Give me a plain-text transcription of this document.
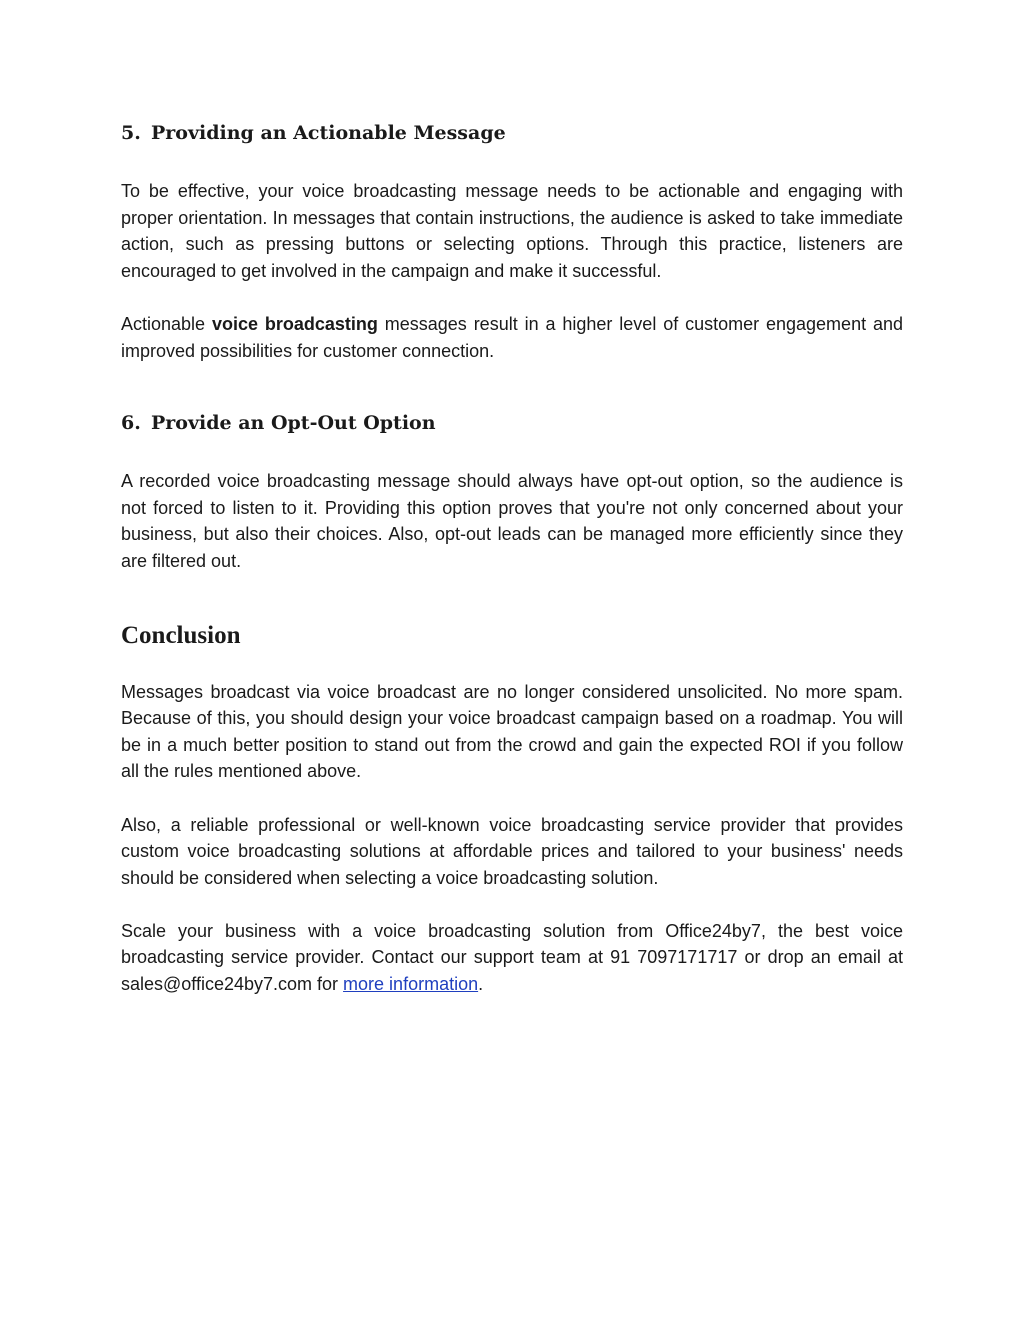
5. Providing an Actionable Message

To be effective, your voice broadcasting message needs to be actionable and engaging with proper orientation. In messages that contain instructions, the audience is asked to take immediate action, such as pressing buttons or selecting options. Through this practice, listeners are encouraged to get involved in the campaign and make it successful.

Actionable voice broadcasting messages result in a higher level of customer engagement and improved possibilities for customer connection.

6. Provide an Opt-Out Option

A recorded voice broadcasting message should always have opt-out option, so the audience is not forced to listen to it. Providing this option proves that you're not only concerned about your business, but also their choices. Also, opt-out leads can be managed more efficiently since they are filtered out.

Conclusion

Messages broadcast via voice broadcast are no longer considered unsolicited. No more spam. Because of this, you should design your voice broadcast campaign based on a roadmap. You will be in a much better position to stand out from the crowd and gain the expected ROI if you follow all the rules mentioned above.

Also, a reliable professional or well-known voice broadcasting service provider that provides custom voice broadcasting solutions at affordable prices and tailored to your business' needs should be considered when selecting a voice broadcasting solution.

Scale your business with a voice broadcasting solution from Office24by7, the best voice broadcasting service provider. Contact our support team at 91 7097171717 or drop an email at sales@office24by7.com for more information.
